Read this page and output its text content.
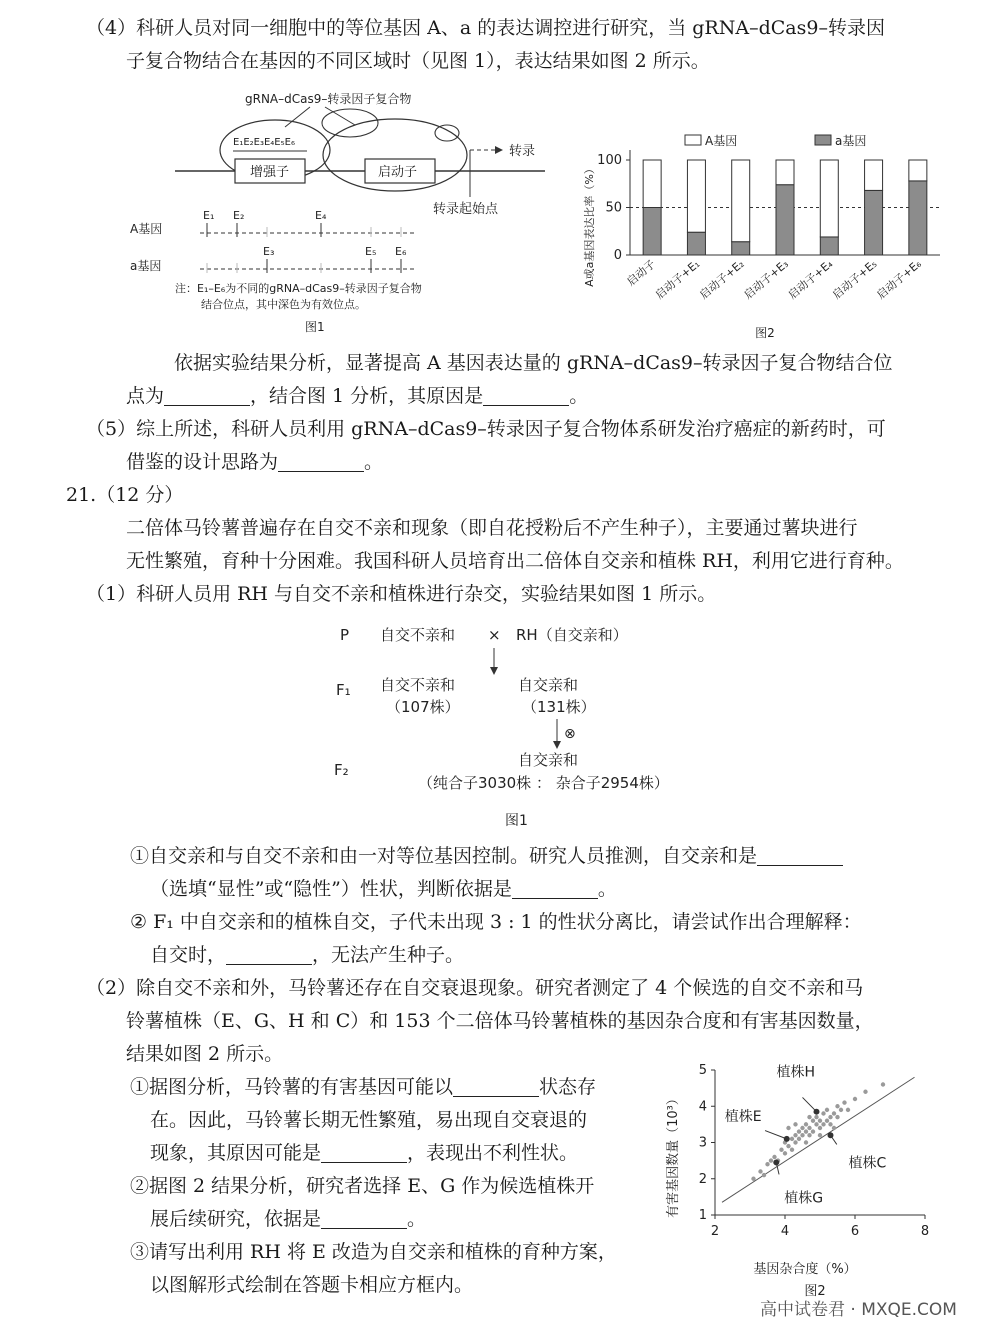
（4）科研人员对同一细胞中的等位基因 A、a 的表达调控进行研究，当 gRNA–dCas9–转录因
子复合物结合在基因的不同区域时（见图 1），表达结果如图 2 所示。
gRNA–dCas9–转录因子复合物
E₁E₂E₃E₄E₅E₆
增强子	启动子
转录
转录起始点
A基因
E₁ E₂	E₄
a基因
E₃	E₅ E₆
注：E₁–E₆为不同的gRNA–dCas9–转录因子复合物
结合位点，其中深色为有效位点。
图1
A或a基因表达比率（%）
A基因	a基因
0
50
100
启动子
启动子+E₁
启动子+E₂
启动子+E₃
启动子+E₄
启动子+E₅
启动子+E₆
图2
依据实验结果分析，显著提高 A 基因表达量的 gRNA–dCas9–转录因子复合物结合位
点为	，结合图 1 分析，其原因是	。
（5）综上所述，科研人员利用 gRNA–dCas9–转录因子复合物体系研发治疗癌症的新药时，可
借鉴的设计思路为	。
21.（12 分）
二倍体马铃薯普遍存在自交不亲和现象（即自花授粉后不产生种子），主要通过薯块进行
无性繁殖，育种十分困难。我国科研人员培育出二倍体自交亲和植株 RH，利用它进行育种。
（1）科研人员用 RH 与自交不亲和植株进行杂交，实验结果如图 1 所示。
P 自交不亲和 × RH（自交亲和）
F₁ 自交不亲和
（107株）
自交亲和
（131株）
⊗
F₂
自交亲和
（纯合子3030株 ： 杂合子2954株）
图1
①自交亲和与自交不亲和由一对等位基因控制。研究人员推测，自交亲和是
（选填“显性”或“隐性”）性状，判断依据是	。
② F₁ 中自交亲和的植株自交，子代未出现 3 : 1 的性状分离比，请尝试作出合理解释：
自交时，	，无法产生种子。
（2）除自交不亲和外，马铃薯还存在自交衰退现象。研究者测定了 4 个候选的自交不亲和马
铃薯植株（E、G、H 和 C）和 153 个二倍体马铃薯植株的基因杂合度和有害基因数量，
结果如图 2 所示。
①据图分析，马铃薯的有害基因可能以	状态存
在。因此，马铃薯长期无性繁殖，易出现自交衰退的
现象，其原因可能是	，表现出不利性状。
②据图 2 结果分析，研究者选择 E、G 作为候选植株开
展后续研究，依据是	。
③请写出利用 RH 将 E 改造为自交亲和植株的育种方案，
以图解形式绘制在答题卡相应方框内。
有害基因数量（10³）
2	4	6	8
1
2
3
4
5	植株H
植株E
植株C
植株G
基因杂合度（%）
图2
高中试卷君 · MXQE.COM
